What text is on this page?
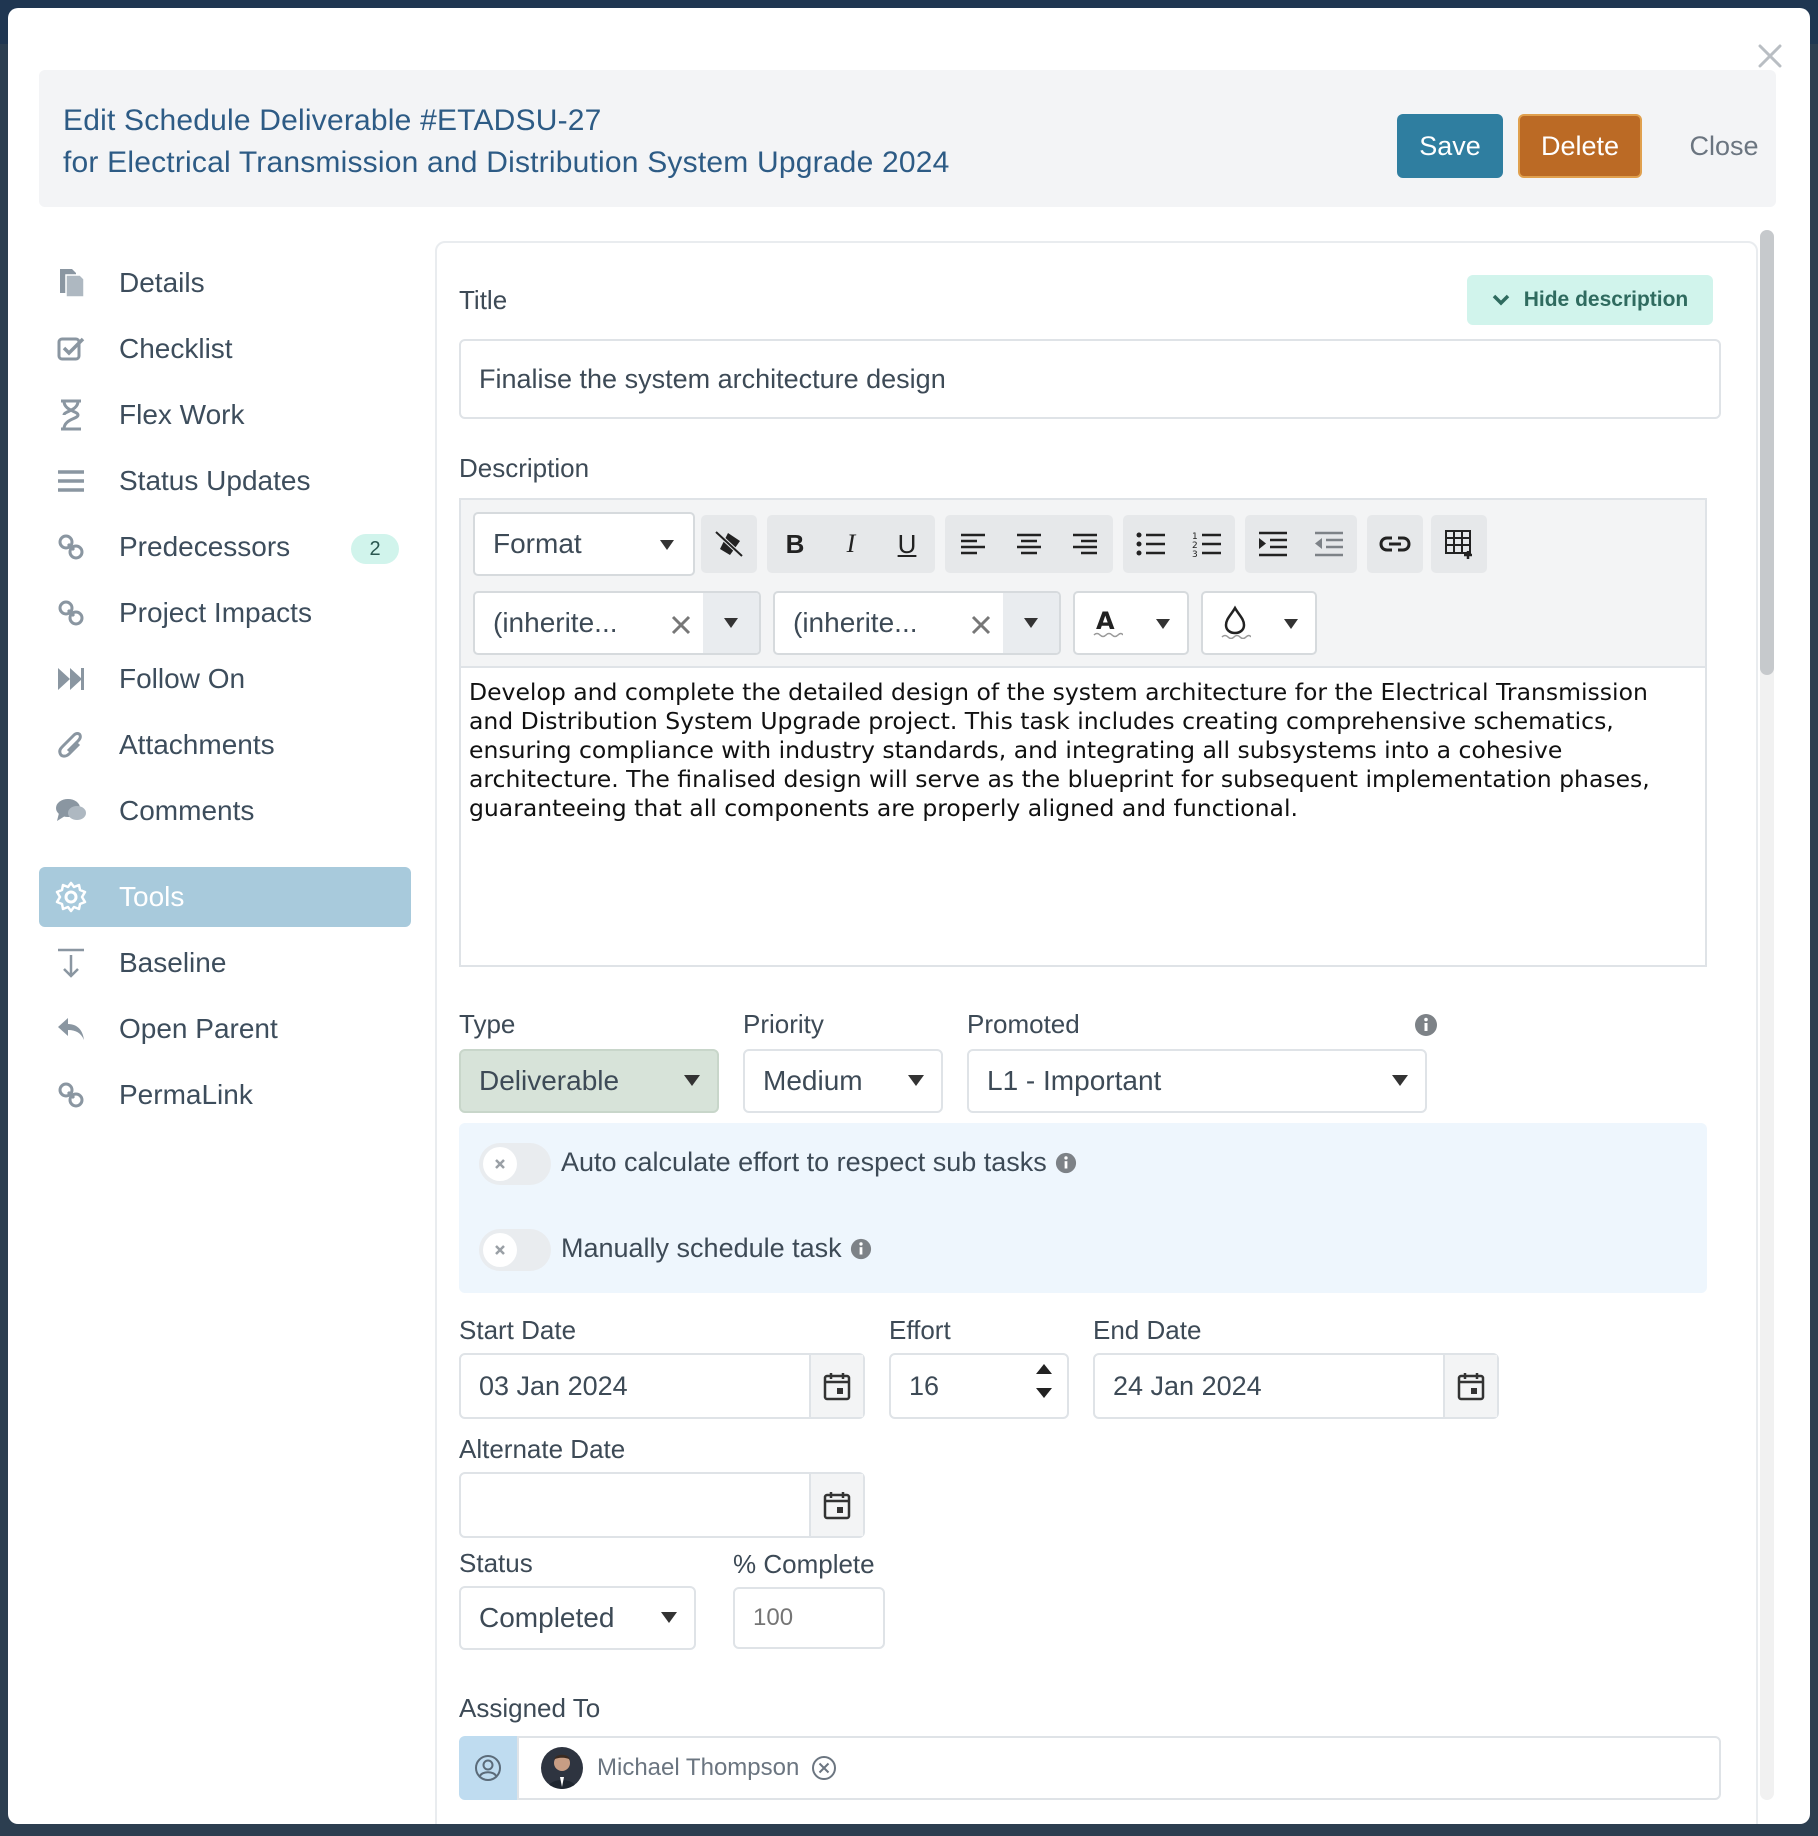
Edit Schedule Deliverable #ETADSU-27
for Electrical Transmission and Distribution System Upgrade 2024
Save	Delete	Close
Details
Checklist
Flex Work
Status Updates
Predecessors	2
Project Impacts
Follow On
Attachments
Comments
Tools
Baseline
Open Parent
PermaLink
Title	Hide description
Finalise the system architecture design
Description
Format	B	I	U	1
2
3
(inherite...	(inherite...	A
Develop and complete the detailed design of the system architecture for the Electrical Transmission and Distribution System Upgrade project. This task includes creating comprehensive schematics, ensuring compliance with industry standards, and integrating all subsystems into a cohesive architecture. The finalised design will serve as the blueprint for subsequent implementation phases, guaranteeing that all components are properly aligned and functional.
Type
Deliverable
Priority
Medium
Promoted
L1 - Important
Auto calculate effort to respect sub tasks
Manually schedule task
Start Date
03 Jan 2024
Effort
16
End Date
24 Jan 2024
Alternate Date
Status
Completed
% Complete
100
Assigned To
Michael Thompson
